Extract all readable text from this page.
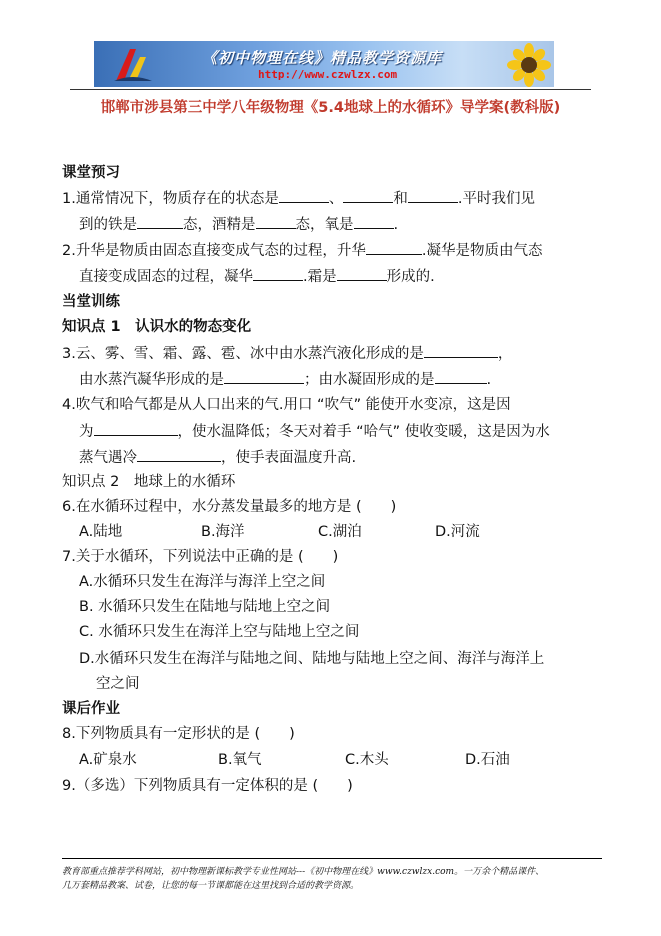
《初中物理在线》精品教学资源库
http://www.czwlzx.com
邯郸市涉县第三中学八年级物理《5.4地球上的水循环》导学案(教科版)
课堂预习
1.通常情况下，物质存在的状态是	、	和	.平时我们见
到的铁是	态，酒精是	态，氧是	.
2.升华是物质由固态直接变成气态的过程，升华	.凝华是物质由气态
直接变成固态的过程，凝华	.霜是	形成的.
当堂训练
知识点 1　认识水的物态变化
3.云、雾、雪、霜、露、雹、冰中由水蒸汽液化形成的是	，
由水蒸汽凝华形成的是	；由水凝固形成的是	.
4.吹气和哈气都是从人口出来的气.用口 “吹气” 能使开水变凉，这是因
为	，使水温降低；冬天对着手 “哈气” 使收变暖，这是因为水
蒸气遇冷	，使手表面温度升高.
知识点 2　地球上的水循环
6.在水循环过程中，水分蒸发量最多的地方是 (　　)
A.陆地	B.海洋	C.湖泊	D.河流
7.关于水循环，下列说法中正确的是 (　　)
A.水循环只发生在海洋与海洋上空之间
B. 水循环只发生在陆地与陆地上空之间
C. 水循环只发生在海洋上空与陆地上空之间
D.水循环只发生在海洋与陆地之间、陆地与陆地上空之间、海洋与海洋上
空之间
课后作业
8.下列物质具有一定形状的是 (　　)
A.矿泉水	B.氧气	C.木头	D.石油
9.（多选）下列物质具有一定体积的是 (　　)
教育部重点推荐学科网站，初中物理新课标教学专业性网站---《初中物理在线》www.czwlzx.com。一万余个精品课件、
几万套精品教案、试卷，让您的每一节课都能在这里找到合适的教学资源。
